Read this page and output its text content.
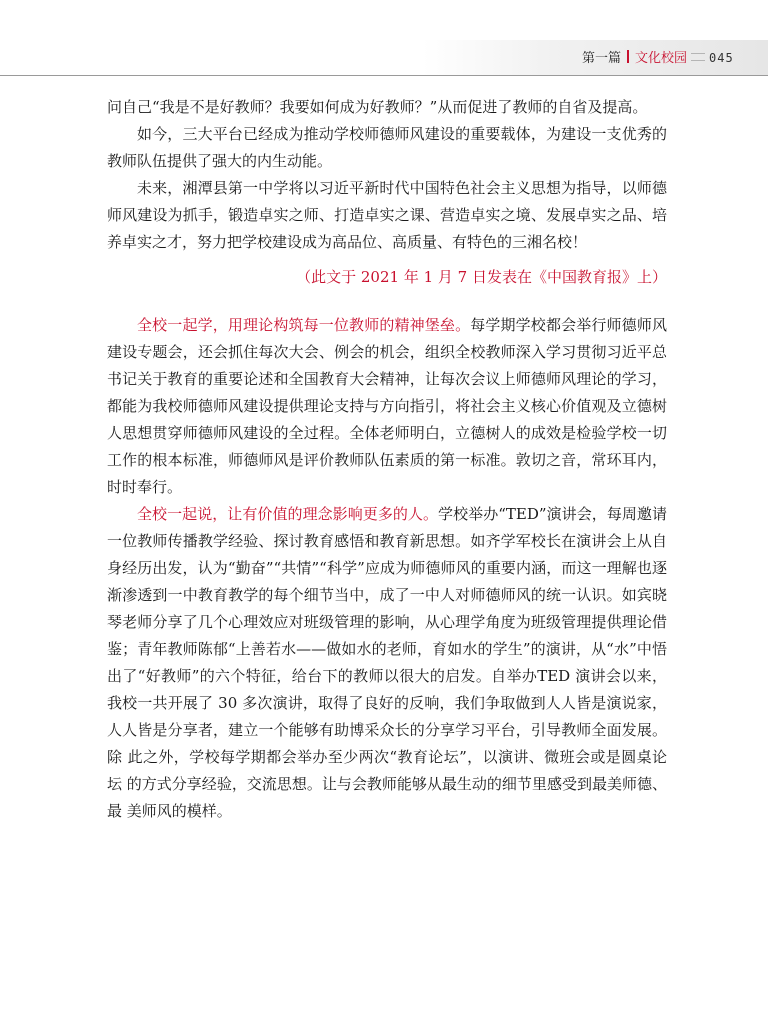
第一篇 文化校园 045

问自己“我是不是好教师？我要如何成为好教师？”从而促进了教师的自省及提高。

如今，三大平台已经成为推动学校师德师风建设的重要载体，为建设一支优秀的教师队伍提供了强大的内生动能。

未来，湘潭县第一中学将以习近平新时代中国特色社会主义思想为指导，以师德师风建设为抓手，锻造卓实之师、打造卓实之课、营造卓实之境、发展卓实之品、培养卓实之才，努力把学校建设成为高品位、高质量、有特色的三湘名校！

（此文于 2021 年 1 月 7 日发表在《中国教育报》上）

全校一起学，用理论构筑每一位教师的精神堡垒。每学期学校都会举行师德师风建设专题会，还会抓住每次大会、例会的机会，组织全校教师深入学习贯彻习近平总书记关于教育的重要论述和全国教育大会精神，让每次会议上师德师风理论的学习，都能为我校师德师风建设提供理论支持与方向指引，将社会主义核心价值观及立德树人思想贯穿师德师风建设的全过程。全体老师明白，立德树人的成效是检验学校一切工作的根本标准，师德师风是评价教师队伍素质的第一标准。敦切之音，常环耳内，时时奉行。

全校一起说，让有价值的理念影响更多的人。学校举办“TED”演讲会，每周邀请一位教师传播教学经验、探讨教育感悟和教育新思想。如齐学军校长在演讲会上从自身经历出发，认为“勤奋”“共情”“科学”应成为师德师风的重要内涵，而这一理解也逐渐渗透到一中教育教学的每个细节当中，成了一中人对师德师风的统一认识。如宾晓琴老师分享了几个心理效应对班级管理的影响，从心理学角度为班级管理提供理论借鉴；青年教师陈郁“上善若水——做如水的老师，育如水的学生”的演讲，从“水”中悟出了“好教师”的六个特征，给台下的教师以很大的启发。自举办TED 演讲会以来，我校一共开展了 30 多次演讲，取得了良好的反响，我们争取做到人人皆是演说家，人人皆是分享者，建立一个能够有助博采众长的分享学习平台，引导教师全面发展。除 此之外，学校每学期都会举办至少两次“教育论坛”，以演讲、微班会或是圆桌论坛 的方式分享经验，交流思想。让与会教师能够从最生动的细节里感受到最美师德、最 美师风的模样。
